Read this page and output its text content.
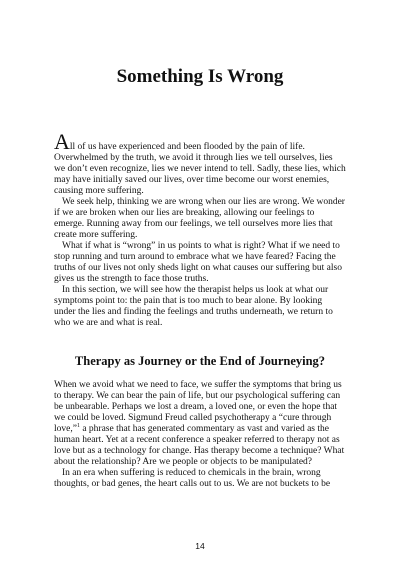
Something Is Wrong

All of us have experienced and been flooded by the pain of life. Overwhelmed by the truth, we avoid it through lies we tell ourselves, lies we don’t even recognize, lies we never intend to tell. Sadly, these lies, which may have initially saved our lives, over time become our worst enemies, causing more suffering.

We seek help, thinking we are wrong when our lies are wrong. We wonder if we are broken when our lies are breaking, allowing our feelings to emerge. Running away from our feelings, we tell ourselves more lies that create more suffering.

What if what is “wrong” in us points to what is right? What if we need to stop running and turn around to embrace what we have feared? Facing the truths of our lives not only sheds light on what causes our suffering but also gives us the strength to face those truths.

In this section, we will see how the therapist helps us look at what our symptoms point to: the pain that is too much to bear alone. By looking under the lies and finding the feelings and truths underneath, we return to who we are and what is real.

Therapy as Journey or the End of Journeying?

When we avoid what we need to face, we suffer the symptoms that bring us to therapy. We can bear the pain of life, but our psychological suffering can be unbearable. Perhaps we lost a dream, a loved one, or even the hope that we could be loved. Sigmund Freud called psychotherapy a “cure through love,”$^1$ a phrase that has generated commentary as vast and varied as the human heart. Yet at a recent conference a speaker referred to therapy not as love but as a technology for change. Has therapy become a technique? What about the relationship? Are we people or objects to be manipulated?

In an era when suffering is reduced to chemicals in the brain, wrong thoughts, or bad genes, the heart calls out to us. We are not buckets to be

14
